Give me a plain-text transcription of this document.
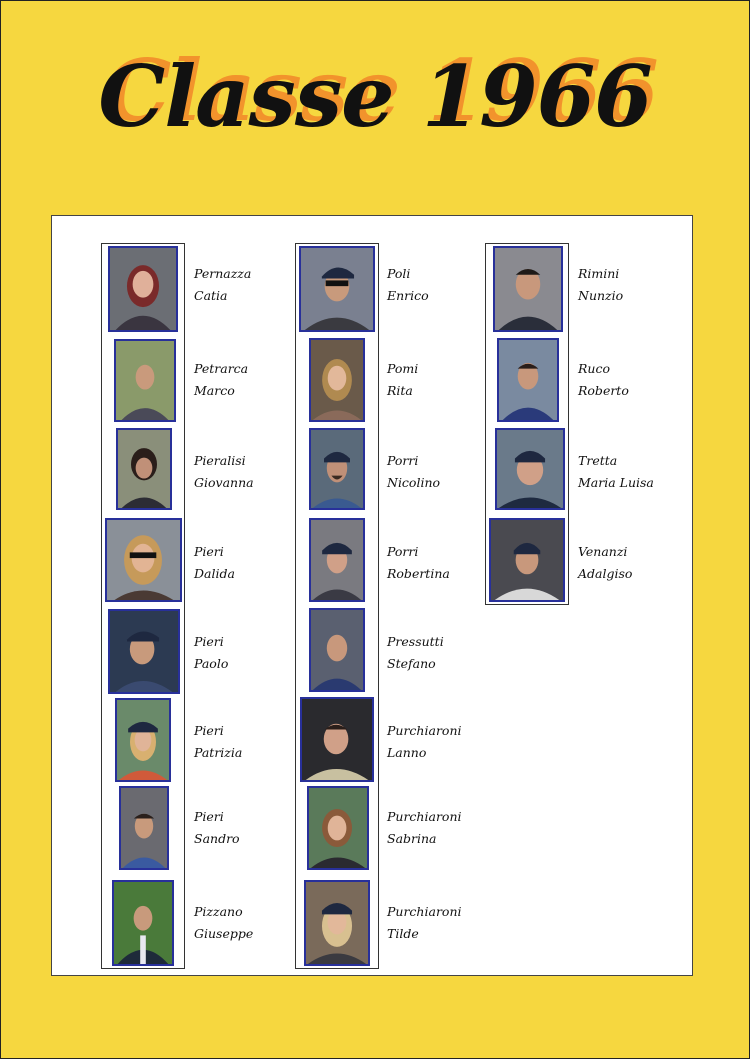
Classe 1966
Pernazza
Catia
Petrarca
Marco
Pieralisi
Giovanna
Pieri
Dalida
Pieri
Paolo
Pieri
Patrizia
Pieri
Sandro
Pizzano
Giuseppe
Poli
Enrico
Pomi
Rita
Porri
Nicolino
Porri
Robertina
Pressutti
Stefano
Purchiaroni
Lanno
Purchiaroni
Sabrina
Purchiaroni
Tilde
Rimini
Nunzio
Ruco
Roberto
Tretta
Maria Luisa
Venanzi
Adalgiso
